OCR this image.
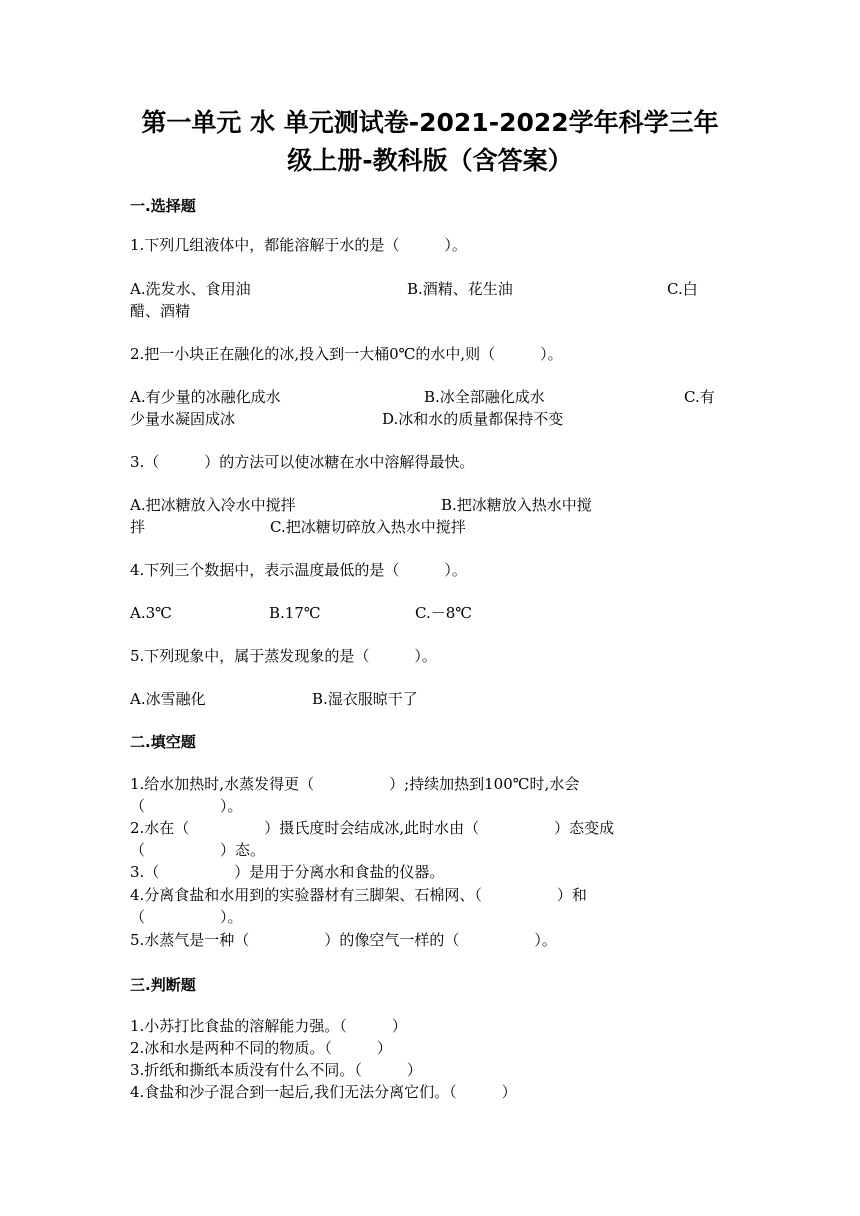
第一单元 水 单元测试卷-2021-2022学年科学三年
级上册-教科版（含答案）
一.选择题
1.下列几组液体中，都能溶解于水的是（　　　）。
A.洗发水、食用油	B.酒精、花生油	C.白
醋、酒精
2.把一小块正在融化的冰,投入到一大桶0℃的水中,则（　　　）。
A.有少量的冰融化成水	B.冰全部融化成水	C.有
少量水凝固成冰	D.冰和水的质量都保持不变
3.（　　　）的方法可以使冰糖在水中溶解得最快。
A.把冰糖放入冷水中搅拌	B.把冰糖放入热水中搅
拌	C.把冰糖切碎放入热水中搅拌
4.下列三个数据中，表示温度最低的是（　　　）。
A.3℃	B.17℃	C.－8℃
5.下列现象中，属于蒸发现象的是（　　　）。
A.冰雪融化	B.湿衣服晾干了
二.填空题
1.给水加热时,水蒸发得更（　　　　　）;持续加热到100℃时,水会
（　　　　　）。
2.水在（　　　　　）摄氏度时会结成冰,此时水由（　　　　　）态变成
（　　　　　）态。
3.（　　　　　）是用于分离水和食盐的仪器。
4.分离食盐和水用到的实验器材有三脚架、石棉网、（　　　　　）和
（　　　　　）。
5.水蒸气是一种（　　　　　）的像空气一样的（　　　　　）。
三.判断题
1.小苏打比食盐的溶解能力强。（　　　）
2.冰和水是两种不同的物质。（　　　）
3.折纸和撕纸本质没有什么不同。（　　　）
4.食盐和沙子混合到一起后,我们无法分离它们。（　　　）
